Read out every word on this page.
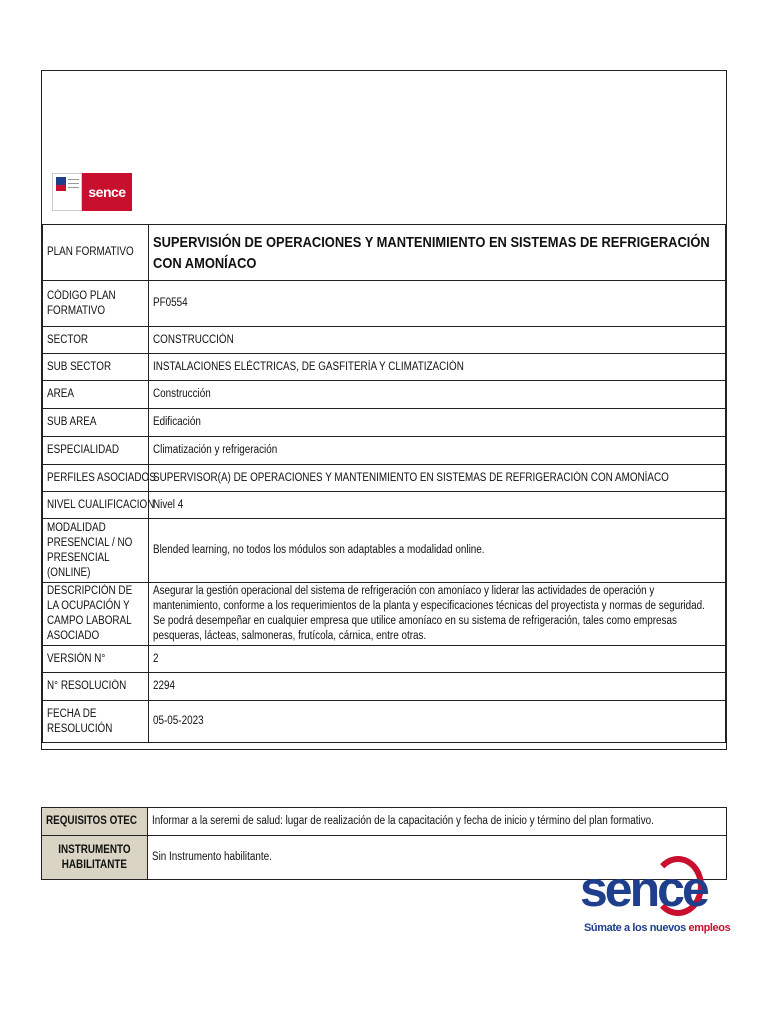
sence
PLAN FORMATIVO	SUPERVISIÓN DE OPERACIONES Y MANTENIMIENTO EN SISTEMAS DE REFRIGERACIÓN CON AMONÍACO

CÓDIGO PLAN FORMATIVO	PF0554
SECTOR	CONSTRUCCIÓN
SUB SECTOR	INSTALACIONES ELÉCTRICAS, DE GASFITERÍA Y CLIMATIZACIÓN
AREA	Construcción
SUB AREA	Edificación
ESPECIALIDAD	Climatización y refrigeración
PERFILES ASOCIADOS	SUPERVISOR(A) DE OPERACIONES Y MANTENIMIENTO EN SISTEMAS DE REFRIGERACIÓN CON AMONÍACO
NIVEL CUALIFICACION	Nivel 4

MODALIDAD PRESENCIAL / NO PRESENCIAL (ONLINE)	Blended learning, no todos los módulos son adaptables a modalidad online.

DESCRIPCIÓN DE LA OCUPACIÓN Y CAMPO LABORAL ASOCIADO	Asegurar la gestión operacional del sistema de refrigeración con amoníaco y liderar las actividades de operación y mantenimiento, conforme a los requerimientos de la planta y especificaciones técnicas del proyectista y normas de seguridad. Se podrá desempeñar en cualquier empresa que utilice amoníaco en su sistema de refrigeración, tales como empresas pesqueras, lácteas, salmoneras, frutícola, cárnica, entre otras.

VERSIÓN N°	2
N° RESOLUCIÓN	2294

FECHA DE RESOLUCIÓN	05-05-2023
REQUISITOS OTEC	Informar a la seremi de salud: lugar de realización de la capacitación y fecha de inicio y término del plan formativo.

INSTRUMENTO HABILITANTE	Sin Instrumento habilitante.
sence
Súmate a los nuevos empleos
